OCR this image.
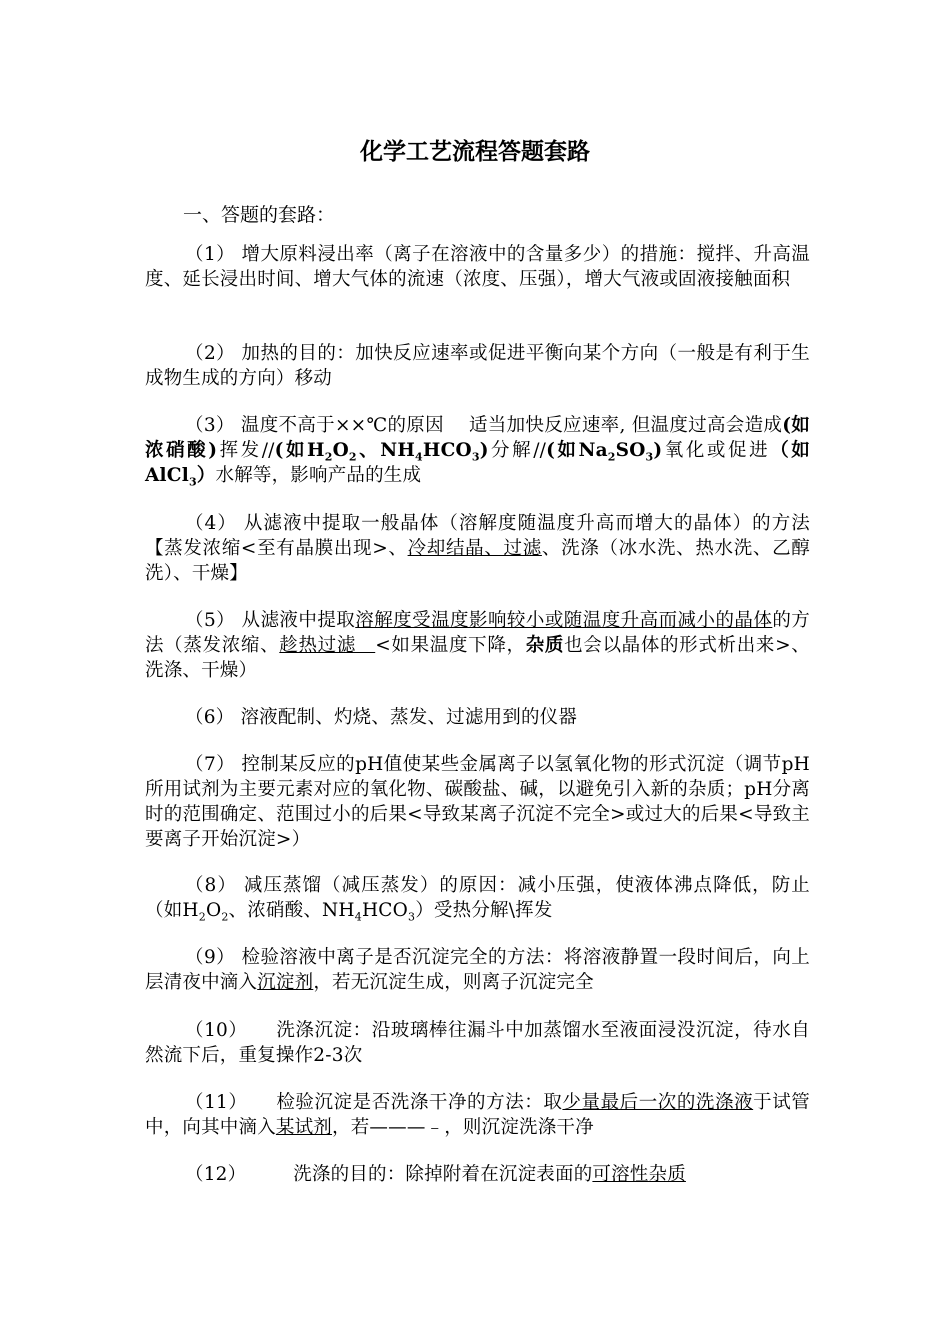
化学工艺流程答题套路
一、答题的套路：
（1） 增大原料浸出率（离子在溶液中的含量多少）的措施：搅拌、升高温度、延长浸出时间、增大气体的流速（浓度、压强），增大气液或固液接触面积
（2） 加热的目的：加快反应速率或促进平衡向某个方向（一般是有利于生成物生成的方向）移动
（3） 温度不高于××℃的原因　 适当加快反应速率, 但温度过高会造成(如浓硝酸)挥发//(如$H_2O_2$、$NH_4HCO_3$)分解//(如$Na_2SO_3$)氧化或促进（如AlCl$_3$）水解等，影响产品的生成
（4） 从滤液中提取一般晶体（溶解度随温度升高而增大的晶体）的方法【蒸发浓缩<至有晶膜出现>、冷却结晶、过滤、洗涤（冰水洗、热水洗、乙醇洗）、干燥】
（5） 从滤液中提取溶解度受温度影响较小或随温度升高而减小的晶体的方法（蒸发浓缩、趁热过滤　<如果温度下降，杂质也会以晶体的形式析出来>、洗涤、干燥）
（6） 溶液配制、灼烧、蒸发、过滤用到的仪器
（7） 控制某反应的pH值使某些金属离子以氢氧化物的形式沉淀（调节pH所用试剂为主要元素对应的氧化物、碳酸盐、碱，以避免引入新的杂质；pH分离时的范围确定、范围过小的后果<导致某离子沉淀不完全>或过大的后果<导致主要离子开始沉淀>）
（8） 减压蒸馏（减压蒸发）的原因：减小压强，使液体沸点降低，防止（如$H_2O_2$、浓硝酸、$NH_4HCO_3$）受热分解\挥发
（9） 检验溶液中离子是否沉淀完全的方法：将溶液静置一段时间后，向上层清夜中滴入沉淀剂，若无沉淀生成，则离子沉淀完全
（10）　　洗涤沉淀：沿玻璃棒往漏斗中加蒸馏水至液面浸没沉淀，待水自然流下后，重复操作2-3次
（11）　　检验沉淀是否洗涤干净的方法：取少量最后一次的洗涤液于试管中，向其中滴入某试剂，若———﹣，则沉淀洗涤干净
（12）　　　洗涤的目的：除掉附着在沉淀表面的可溶性杂质
